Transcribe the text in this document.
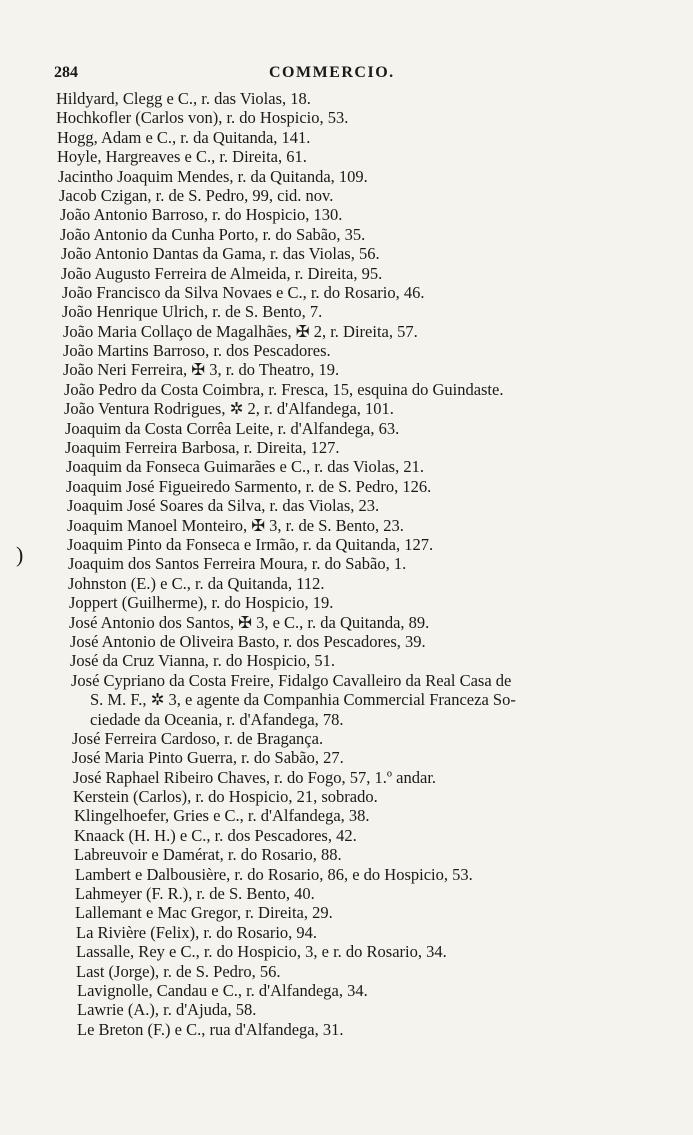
284	COMMERCIO.
)
Hildyard, Clegg e C., r. das Violas, 18.
Hochkofler (Carlos von), r. do Hospicio, 53.
Hogg, Adam e C., r. da Quitanda, 141.
Hoyle, Hargreaves e C., r. Direita, 61.
Jacintho Joaquim Mendes, r. da Quitanda, 109.
Jacob Czigan, r. de S. Pedro, 99, cid. nov.
João Antonio Barroso, r. do Hospicio, 130.
João Antonio da Cunha Porto, r. do Sabão, 35.
João Antonio Dantas da Gama, r. das Violas, 56.
João Augusto Ferreira de Almeida, r. Direita, 95.
João Francisco da Silva Novaes e C., r. do Rosario, 46.
João Henrique Ulrich, r. de S. Bento, 7.
João Maria Collaço de Magalhães, ✠ 2, r. Direita, 57.
João Martins Barroso, r. dos Pescadores.
João Neri Ferreira, ✠ 3, r. do Theatro, 19.
João Pedro da Costa Coimbra, r. Fresca, 15, esquina do Guindaste.
João Ventura Rodrigues, ✲ 2, r. d'Alfandega, 101.
Joaquim da Costa Corrêa Leite, r. d'Alfandega, 63.
Joaquim Ferreira Barbosa, r. Direita, 127.
Joaquim da Fonseca Guimarães e C., r. das Violas, 21.
Joaquim José Figueiredo Sarmento, r. de S. Pedro, 126.
Joaquim José Soares da Silva, r. das Violas, 23.
Joaquim Manoel Monteiro, ✠ 3, r. de S. Bento, 23.
Joaquim Pinto da Fonseca e Irmão, r. da Quitanda, 127.
Joaquim dos Santos Ferreira Moura, r. do Sabão, 1.
Johnston (E.) e C., r. da Quitanda, 112.
Joppert (Guilherme), r. do Hospicio, 19.
José Antonio dos Santos, ✠ 3, e C., r. da Quitanda, 89.
José Antonio de Oliveira Basto, r. dos Pescadores, 39.
José da Cruz Vianna, r. do Hospicio, 51.
José Cypriano da Costa Freire, Fidalgo Cavalleiro da Real Casa de
S. M. F., ✲ 3, e agente da Companhia Commercial Franceza So-
ciedade da Oceania, r. d'Afandega, 78.
José Ferreira Cardoso, r. de Bragança.
José Maria Pinto Guerra, r. do Sabão, 27.
José Raphael Ribeiro Chaves, r. do Fogo, 57, 1.º andar.
Kerstein (Carlos), r. do Hospicio, 21, sobrado.
Klingelhoefer, Gries e C., r. d'Alfandega, 38.
Knaack (H. H.) e C., r. dos Pescadores, 42.
Labreuvoir e Damérat, r. do Rosario, 88.
Lambert e Dalbousière, r. do Rosario, 86, e do Hospicio, 53.
Lahmeyer (F. R.), r. de S. Bento, 40.
Lallemant e Mac Gregor, r. Direita, 29.
La Rivière (Felix), r. do Rosario, 94.
Lassalle, Rey e C., r. do Hospicio, 3, e r. do Rosario, 34.
Last (Jorge), r. de S. Pedro, 56.
Lavignolle, Candau e C., r. d'Alfandega, 34.
Lawrie (A.), r. d'Ajuda, 58.
Le Breton (F.) e C., rua d'Alfandega, 31.
